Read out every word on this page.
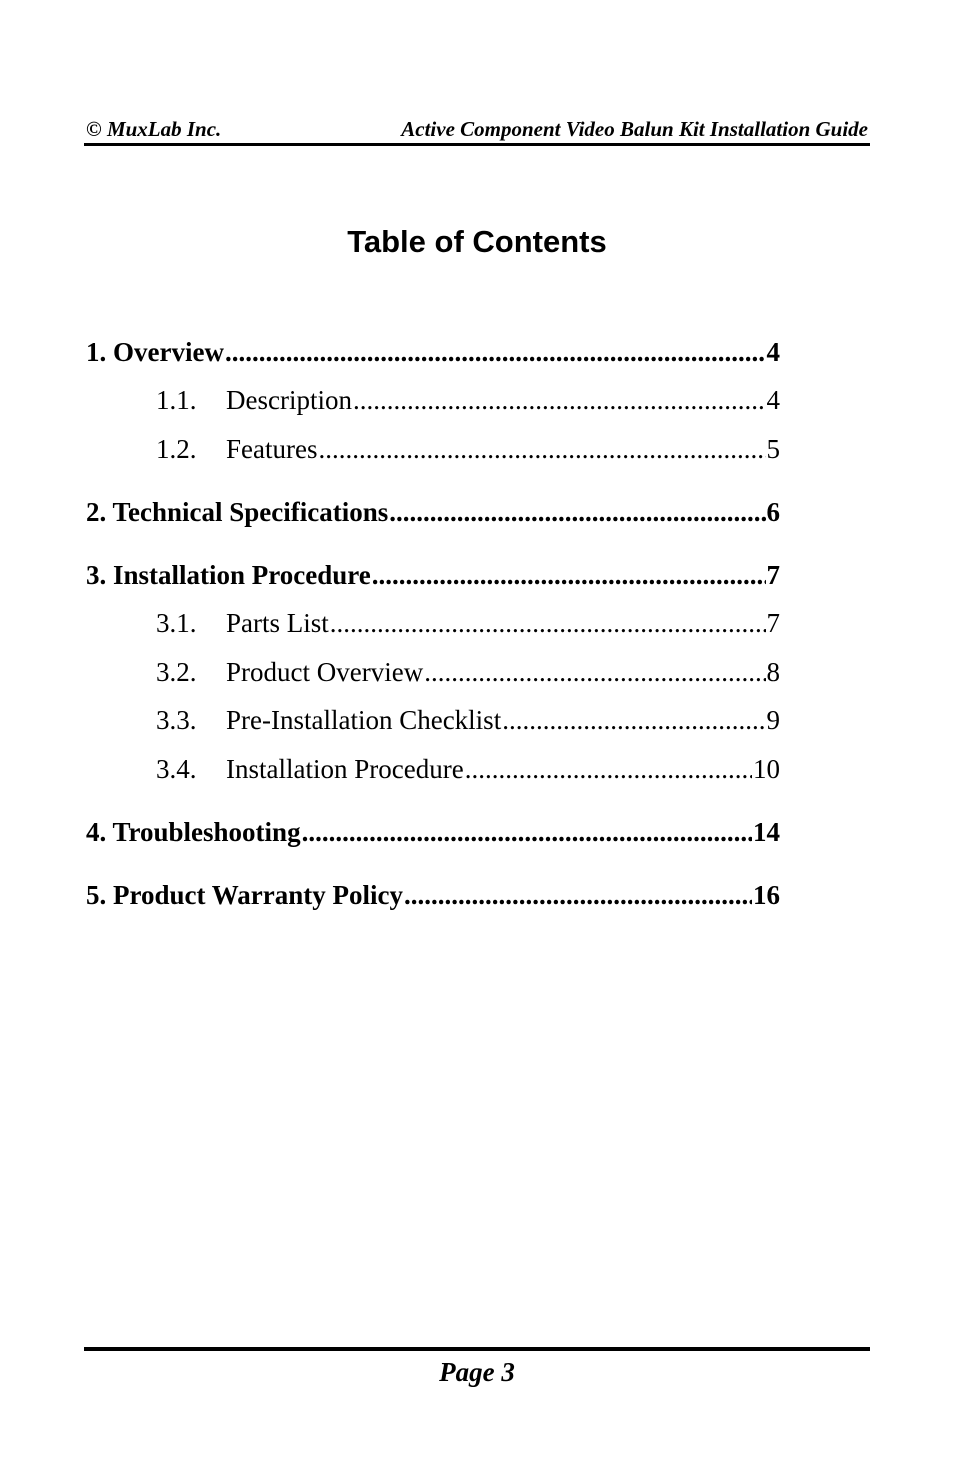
© MuxLab Inc.	Active Component Video Balun Kit Installation Guide
Table of Contents
1. Overview .....	4
1.1.	Description .....	4
1.2.	Features .....	5
2. Technical Specifications .....	6
3. Installation Procedure .....	7
3.1.	Parts List .....	7
3.2.	Product Overview .....	8
3.3.	Pre-Installation Checklist .....	9
3.4.	Installation Procedure .....	10
4. Troubleshooting .....	14
5. Product Warranty Policy .....	16
Page 3
